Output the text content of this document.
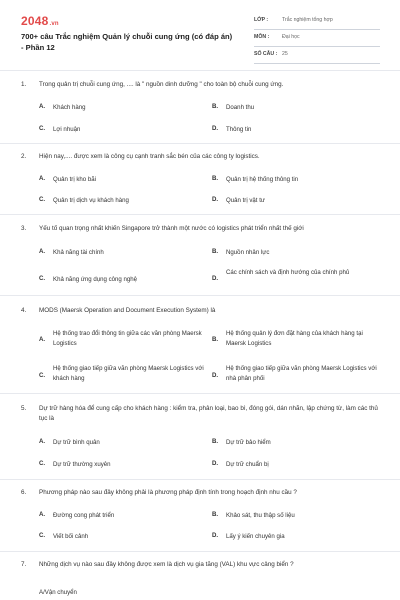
2048.vn
700+ câu Trắc nghiệm Quản lý chuỗi cung ứng (có đáp án) - Phần 12
LỚP :	Trắc nghiệm tổng hợp
MÔN : Đại học
SỐ CÂU : 25
1. Trong quản trị chuỗi cung ứng, .... là " nguồn dinh dưỡng " cho toàn bộ chuỗi cung ứng.
A. Khách hàng	B. Doanh thu
C. Lợi nhuận	D. Thông tin
2. Hiện nay,.... được xem là công cụ cạnh tranh sắc bén của các công ty logistics.
A. Quản trị kho bãi	B. Quản trị hệ thống thông tin
C. Quản trị dịch vụ khách hàng	D. Quản trị vật tư
3. Yếu tố quan trọng nhất khiến Singapore trở thành một nước có logistics phát triển nhất thế giới
A. Khả năng tài chính	B. Nguồn nhân lực
C. Khả năng ứng dụng công nghệ	D.
Các chính sách và định hướng của chính phủ
4. MODS (Maersk Operation and Document Execution System) là
A.
Hệ thống trao đổi thông tin giữa các văn phòng Maersk Logistics	B.
Hệ thống quản lý đơn đặt hàng của khách hàng tại Maersk Logistics
C.
Hệ thống giao tiếp giữa văn phòng Maersk Logistics với khách hàng	D.
Hệ thống giao tiếp giữa văn phòng Maersk Logistics với nhà phân phối
5. Dự trữ hàng hóa để cung cấp cho khách hàng : kiểm tra, phân loại, bao bì, đóng gói, dán nhãn, lập chứng từ, làm các thủ tục là
A. Dự trữ bình quân	B. Dự trữ bảo hiểm
C. Dự trữ thường xuyên	D. Dự trữ chuẩn bị
6. Phương pháp nào sau đây không phải là phương pháp định tính trong hoạch định nhu cầu ?
A. Đường cong phát triển	B. Khảo sát, thu thập số liệu
C. Viết bối cảnh	D. Lấy ý kiến chuyên gia
7. Những dịch vụ nào sau đây không được xem là dịch vụ gia tăng (VAL) khu vực cảng biển ?
A/Vận chuyển
